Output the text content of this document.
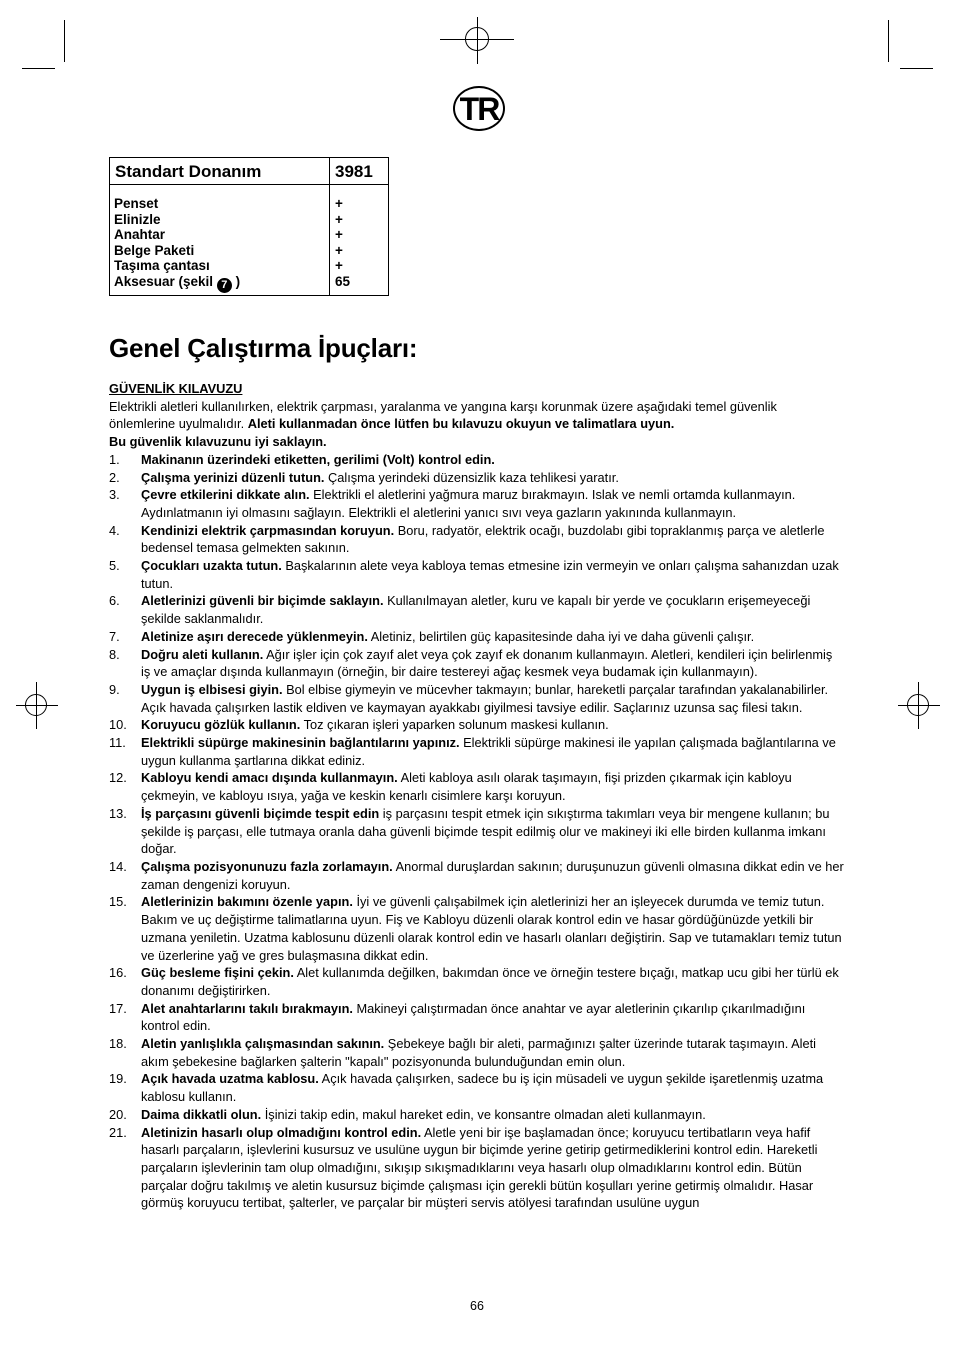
TR
Standart Donanım	3981
Penset
Elinizle
Anahtar
Belge Paketi
Taşıma çantası
Aksesuar (şekil 7 )
+
+
+
+
+
65
Genel Çalıştırma İpuçları:
GÜVENLİK KILAVUZU

Elektrikli aletleri kullanılırken, elektrik çarpması, yaralanma ve yangına karşı korunmak üzere aşağıdaki temel güvenlik önlemlerine uyulmalıdır. Aleti kullanmadan önce lütfen bu kılavuzu okuyun ve talimatlara uyun.

Bu güvenlik kılavuzunu iyi saklayın.

1. Makinanın üzerindeki etiketten, gerilimi (Volt) kontrol edin.
2. Çalışma yerinizi düzenli tutun. Çalışma yerindeki düzensizlik kaza tehlikesi yaratır.
3. Çevre etkilerini dikkate alın. Elektrikli el aletlerini yağmura maruz bırakmayın. Islak ve nemli ortamda kullanmayın. Aydınlatmanın iyi olmasını sağlayın. Elektrikli el aletlerini yanıcı sıvı veya gazların yakınında kullanmayın.
4. Kendinizi elektrik çarpmasından koruyun. Boru, radyatör, elektrik ocağı, buzdolabı gibi topraklanmış parça ve aletlerle bedensel temasa gelmekten sakının.
5. Çocukları uzakta tutun. Başkalarının alete veya kabloya temas etmesine izin vermeyin ve onları çalışma sahanızdan uzak tutun.
6. Aletlerinizi güvenli bir biçimde saklayın. Kullanılmayan aletler, kuru ve kapalı bir yerde ve çocukların erişemeyeceği şekilde saklanmalıdır.
7. Aletinize aşırı derecede yüklenmeyin. Aletiniz, belirtilen güç kapasitesinde daha iyi ve daha güvenli çalışır.
8. Doğru aleti kullanın. Ağır işler için çok zayıf alet veya çok zayıf ek donanım kullanmayın. Aletleri, kendileri için belirlenmiş iş ve amaçlar dışında kullanmayın (örneğin, bir daire testereyi ağaç kesmek veya budamak için kullanmayın).
9. Uygun iş elbisesi giyin. Bol elbise giymeyin ve mücevher takmayın; bunlar, hareketli parçalar tarafından yakalanabilirler. Açık havada çalışırken lastik eldiven ve kaymayan ayakkabı giyilmesi tavsiye edilir. Saçlarınız uzunsa saç filesi takın.
10. Koruyucu gözlük kullanın. Toz çıkaran işleri yaparken solunum maskesi kullanın.
11. Elektrikli süpürge makinesinin bağlantılarını yapınız. Elektrikli süpürge makinesi ile yapılan çalışmada bağlantılarına ve uygun kullanma şartlarına dikkat ediniz.
12. Kabloyu kendi amacı dışında kullanmayın. Aleti kabloya asılı olarak taşımayın, fişi prizden çıkarmak için kabloyu çekmeyin, ve kabloyu ısıya, yağa ve keskin kenarlı cisimlere karşı koruyun.
13. İş parçasını güvenli biçimde tespit edin iş parçasını tespit etmek için sıkıştırma takımları veya bir mengene kullanın; bu şekilde iş parçası, elle tutmaya oranla daha güvenli biçimde tespit edilmiş olur ve makineyi iki elle birden kullanma imkanı doğar.
14. Çalışma pozisyonunuzu fazla zorlamayın. Anormal duruşlardan sakının; duruşunuzun güvenli olmasına dikkat edin ve her zaman dengenizi koruyun.
15. Aletlerinizin bakımını özenle yapın. İyi ve güvenli çalışabilmek için aletlerinizi her an işleyecek durumda ve temiz tutun. Bakım ve uç değiştirme talimatlarına uyun. Fiş ve Kabloyu düzenli olarak kontrol edin ve hasar gördüğünüzde yetkili bir uzmana yeniletin. Uzatma kablosunu düzenli olarak kontrol edin ve hasarlı olanları değiştirin. Sap ve tutamakları temiz tutun ve üzerlerine yağ ve gres bulaşmasına dikkat edin.
16. Güç besleme fişini çekin. Alet kullanımda değilken, bakımdan önce ve örneğin testere bıçağı, matkap ucu gibi her türlü ek donanımı değiştirirken.
17. Alet anahtarlarını takılı bırakmayın. Makineyi çalıştırmadan önce anahtar ve ayar aletlerinin çıkarılıp çıkarılmadığını kontrol edin.
18. Aletin yanlışlıkla çalışmasından sakının. Şebekeye bağlı bir aleti, parmağınızı şalter üzerinde tutarak taşımayın. Aleti akım şebekesine bağlarken şalterin "kapalı" pozisyonunda bulunduğundan emin olun.
19. Açık havada uzatma kablosu. Açık havada çalışırken, sadece bu iş için müsadeli ve uygun şekilde işaretlenmiş uzatma kablosu kullanın.
20. Daima dikkatli olun. İşinizi takip edin, makul hareket edin, ve konsantre olmadan aleti kullanmayın.
21. Aletinizin hasarlı olup olmadığını kontrol edin. Aletle yeni bir işe başlamadan önce; koruyucu tertibatların veya hafif hasarlı parçaların, işlevlerini kusursuz ve usulüne uygun bir biçimde yerine getirip getirmediklerini kontrol edin. Hareketli parçaların işlevlerinin tam olup olmadığını, sıkışıp sıkışmadıklarını veya hasarlı olup olmadıklarını kontrol edin. Bütün parçalar doğru takılmış ve aletin kusursuz biçimde çalışması için gerekli bütün koşulları yerine getirmiş olmalıdır. Hasar görmüş koruyucu tertibat, şalterler, ve parçalar bir müşteri servis atölyesi tarafından usulüne uygun
66
